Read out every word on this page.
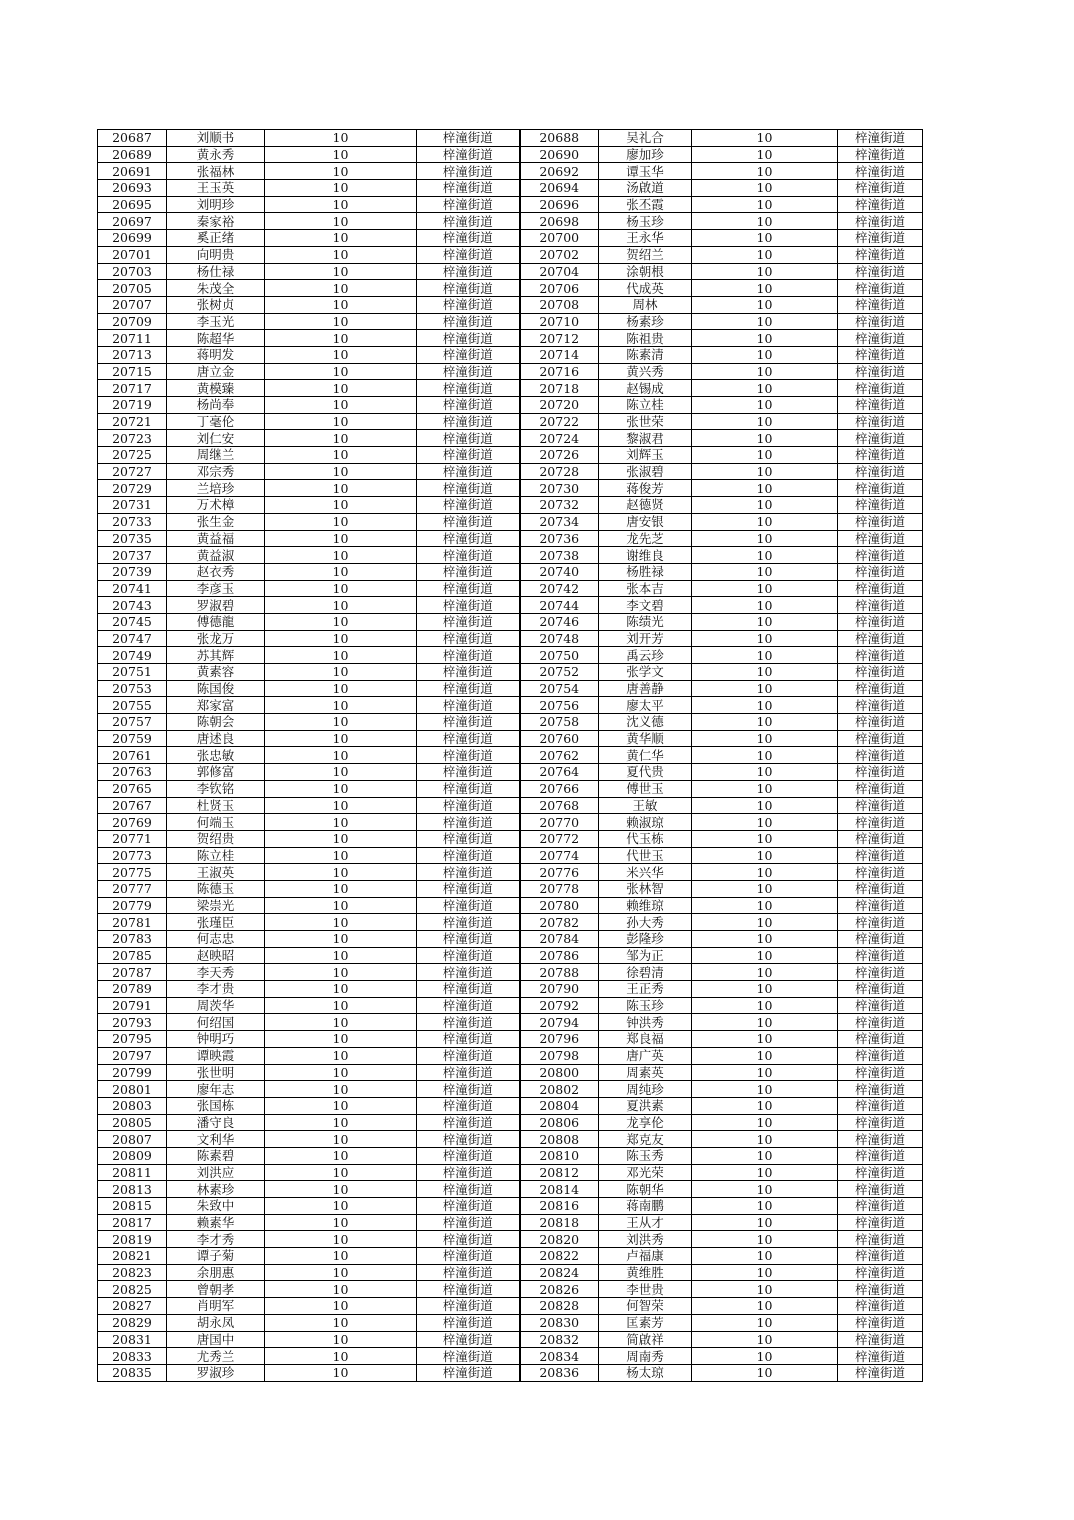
20687	刘顺书	10	梓潼街道	20688	吴礼合	10	梓潼街道
20689	黄永秀	10	梓潼街道	20690	廖加珍	10	梓潼街道
20691	张福林	10	梓潼街道	20692	谭玉华	10	梓潼街道
20693	王玉英	10	梓潼街道	20694	汤啟道	10	梓潼街道
20695	刘明珍	10	梓潼街道	20696	张丕霞	10	梓潼街道
20697	秦家裕	10	梓潼街道	20698	杨玉珍	10	梓潼街道
20699	奚正绪	10	梓潼街道	20700	王永华	10	梓潼街道
20701	向明贵	10	梓潼街道	20702	贺绍兰	10	梓潼街道
20703	杨仕禄	10	梓潼街道	20704	涂朝根	10	梓潼街道
20705	朱茂全	10	梓潼街道	20706	代成英	10	梓潼街道
20707	张树贞	10	梓潼街道	20708	周林	10	梓潼街道
20709	李玉光	10	梓潼街道	20710	杨素珍	10	梓潼街道
20711	陈超华	10	梓潼街道	20712	陈祖贵	10	梓潼街道
20713	蒋明发	10	梓潼街道	20714	陈素清	10	梓潼街道
20715	唐立金	10	梓潼街道	20716	黄兴秀	10	梓潼街道
20717	黄模臻	10	梓潼街道	20718	赵锡成	10	梓潼街道
20719	杨尚奉	10	梓潼街道	20720	陈立桂	10	梓潼街道
20721	丁毫伦	10	梓潼街道	20722	张世荣	10	梓潼街道
20723	刘仁安	10	梓潼街道	20724	黎淑君	10	梓潼街道
20725	周继兰	10	梓潼街道	20726	刘辉玉	10	梓潼街道
20727	邓宗秀	10	梓潼街道	20728	张淑碧	10	梓潼街道
20729	兰培珍	10	梓潼街道	20730	蒋俊芳	10	梓潼街道
20731	万术樟	10	梓潼街道	20732	赵德贤	10	梓潼街道
20733	张生金	10	梓潼街道	20734	唐安银	10	梓潼街道
20735	黄益福	10	梓潼街道	20736	龙先芝	10	梓潼街道
20737	黄益淑	10	梓潼街道	20738	谢维良	10	梓潼街道
20739	赵衣秀	10	梓潼街道	20740	杨胜禄	10	梓潼街道
20741	李彦玉	10	梓潼街道	20742	张本吉	10	梓潼街道
20743	罗淑碧	10	梓潼街道	20744	李文碧	10	梓潼街道
20745	傅德龍	10	梓潼街道	20746	陈绩光	10	梓潼街道
20747	张龙万	10	梓潼街道	20748	刘开芳	10	梓潼街道
20749	苏其辉	10	梓潼街道	20750	禹云珍	10	梓潼街道
20751	黄素容	10	梓潼街道	20752	张学文	10	梓潼街道
20753	陈国俊	10	梓潼街道	20754	唐善静	10	梓潼街道
20755	郑家富	10	梓潼街道	20756	廖太平	10	梓潼街道
20757	陈朝会	10	梓潼街道	20758	沈义德	10	梓潼街道
20759	唐述良	10	梓潼街道	20760	黄华顺	10	梓潼街道
20761	张忠敏	10	梓潼街道	20762	黄仁华	10	梓潼街道
20763	郭修富	10	梓潼街道	20764	夏代贵	10	梓潼街道
20765	李钦铭	10	梓潼街道	20766	傅世玉	10	梓潼街道
20767	杜贤玉	10	梓潼街道	20768	王敏	10	梓潼街道
20769	何端玉	10	梓潼街道	20770	赖淑琼	10	梓潼街道
20771	贺绍贵	10	梓潼街道	20772	代玉栋	10	梓潼街道
20773	陈立桂	10	梓潼街道	20774	代世玉	10	梓潼街道
20775	王淑英	10	梓潼街道	20776	米兴华	10	梓潼街道
20777	陈德玉	10	梓潼街道	20778	张林智	10	梓潼街道
20779	梁崇光	10	梓潼街道	20780	赖维琼	10	梓潼街道
20781	张瑾臣	10	梓潼街道	20782	孙大秀	10	梓潼街道
20783	何志忠	10	梓潼街道	20784	彭隆珍	10	梓潼街道
20785	赵映昭	10	梓潼街道	20786	邹为正	10	梓潼街道
20787	李天秀	10	梓潼街道	20788	徐碧清	10	梓潼街道
20789	李才贵	10	梓潼街道	20790	王正秀	10	梓潼街道
20791	周茨华	10	梓潼街道	20792	陈玉珍	10	梓潼街道
20793	何绍国	10	梓潼街道	20794	钟洪秀	10	梓潼街道
20795	钟明巧	10	梓潼街道	20796	郑良福	10	梓潼街道
20797	谭映霞	10	梓潼街道	20798	唐广英	10	梓潼街道
20799	张世明	10	梓潼街道	20800	周素英	10	梓潼街道
20801	廖年志	10	梓潼街道	20802	周纯珍	10	梓潼街道
20803	张国栋	10	梓潼街道	20804	夏洪素	10	梓潼街道
20805	潘守良	10	梓潼街道	20806	龙享伦	10	梓潼街道
20807	文利华	10	梓潼街道	20808	郑克友	10	梓潼街道
20809	陈素碧	10	梓潼街道	20810	陈玉秀	10	梓潼街道
20811	刘洪应	10	梓潼街道	20812	邓光荣	10	梓潼街道
20813	林素珍	10	梓潼街道	20814	陈朝华	10	梓潼街道
20815	朱致中	10	梓潼街道	20816	蒋南鹏	10	梓潼街道
20817	赖素华	10	梓潼街道	20818	王从才	10	梓潼街道
20819	李才秀	10	梓潼街道	20820	刘洪秀	10	梓潼街道
20821	谭子菊	10	梓潼街道	20822	卢福康	10	梓潼街道
20823	余朋惠	10	梓潼街道	20824	黄维胜	10	梓潼街道
20825	曾朝孝	10	梓潼街道	20826	李世贵	10	梓潼街道
20827	肖明军	10	梓潼街道	20828	何智荣	10	梓潼街道
20829	胡永凤	10	梓潼街道	20830	匡素芳	10	梓潼街道
20831	唐国中	10	梓潼街道	20832	简啟祥	10	梓潼街道
20833	尤秀兰	10	梓潼街道	20834	周南秀	10	梓潼街道
20835	罗淑珍	10	梓潼街道	20836	杨太琼	10	梓潼街道
